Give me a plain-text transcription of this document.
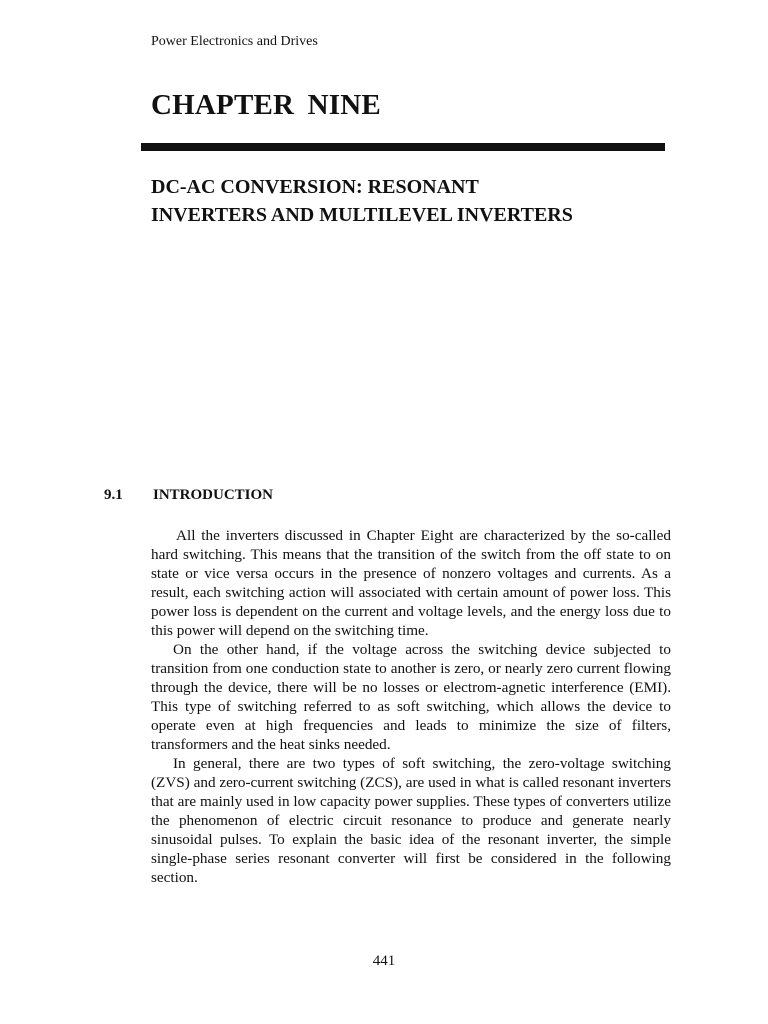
Power Electronics and Drives
CHAPTER NINE
DC-AC CONVERSION: RESONANT
INVERTERS AND MULTILEVEL INVERTERS
9.1 INTRODUCTION

All the inverters discussed in Chapter Eight are characterized by the so-called hard switching. This means that the transition of the switch from the off state to on state or vice versa occurs in the presence of nonzero voltages and currents. As a result, each switching action will associated with certain amount of power loss. This power loss is dependent on the current and voltage levels, and the energy loss due to this power will depend on the switching time.

On the other hand, if the voltage across the switching device subjected to transition from one conduction state to another is zero, or nearly zero current flowing through the device, there will be no losses or electrom-agnetic interference (EMI). This type of switching referred to as soft switching, which allows the device to operate even at high frequencies and leads to minimize the size of filters, transformers and the heat sinks needed.

In general, there are two types of soft switching, the zero-voltage switching (ZVS) and zero-current switching (ZCS), are used in what is called resonant inverters that are mainly used in low capacity power supplies. These types of converters utilize the phenomenon of electric circuit resonance to produce and generate nearly sinusoidal pulses. To explain the basic idea of the resonant inverter, the simple single-phase series resonant converter will first be considered in the following section.

441
